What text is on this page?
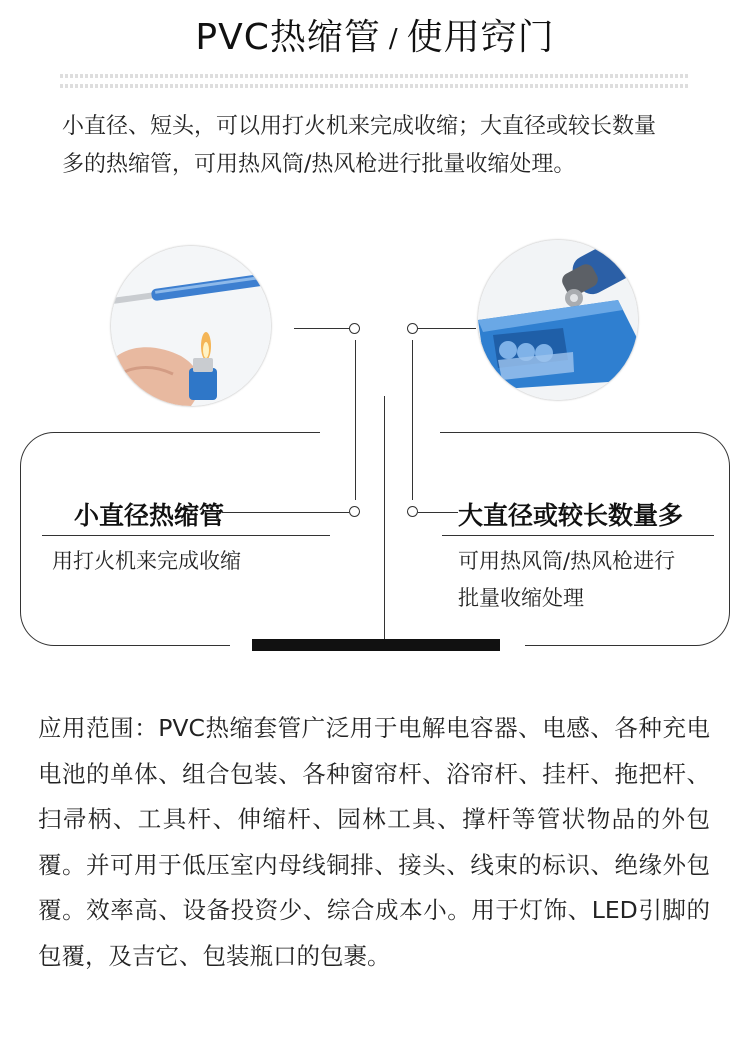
PVC热缩管 / 使用窍门

小直径、短头，可以用打火机来完成收缩；大直径或较长数量

多的热缩管，可用热风筒/热风枪进行批量收缩处理。

小直径热缩管
用打火机来完成收缩
大直径或较长数量多
可用热风筒/热风枪进行
批量收缩处理
应用范围：PVC热缩套管广泛用于电解电容器、电感、各种充电电池的单体、组合包装、各种窗帘杆、浴帘杆、挂杆、拖把杆、扫帚柄、工具杆、伸缩杆、园林工具、撑杆等管状物品的外包覆。并可用于低压室内母线铜排、接头、线束的标识、绝缘外包覆。效率高、设备投资少、综合成本小。用于灯饰、LED引脚的包覆，及吉它、包装瓶口的包裹。
